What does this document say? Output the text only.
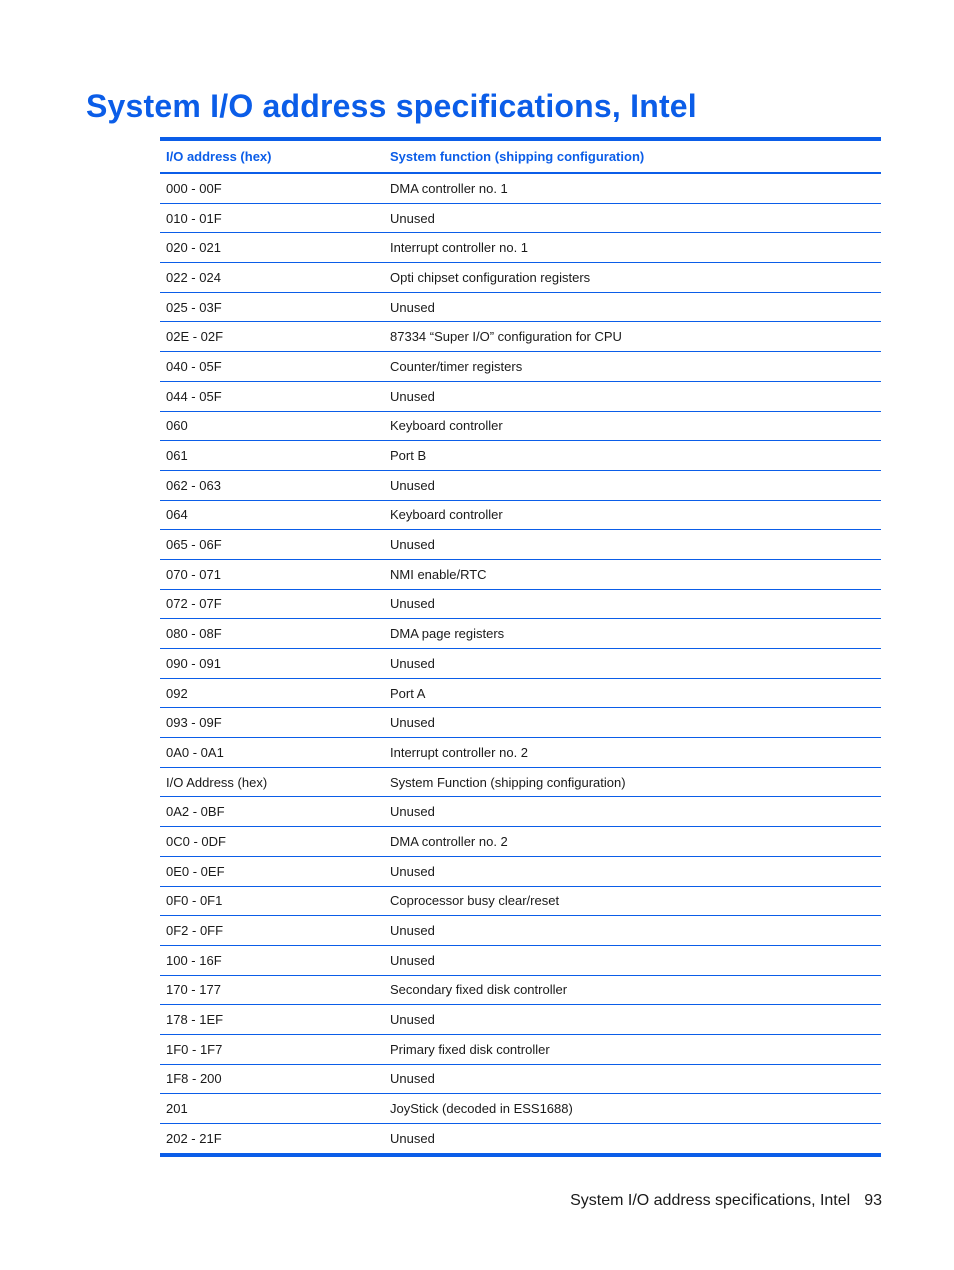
System I/O address specifications, Intel
I/O address (hex)	System function (shipping configuration)
000 - 00F	DMA controller no. 1
010 - 01F	Unused
020 - 021	Interrupt controller no. 1
022 - 024	Opti chipset configuration registers
025 - 03F	Unused
02E - 02F	87334 “Super I/O” configuration for CPU
040 - 05F	Counter/timer registers
044 - 05F	Unused
060	Keyboard controller
061	Port B
062 - 063	Unused
064	Keyboard controller
065 - 06F	Unused
070 - 071	NMI enable/RTC
072 - 07F	Unused
080 - 08F	DMA page registers
090 - 091	Unused
092	Port A
093 - 09F	Unused
0A0 - 0A1	Interrupt controller no. 2
I/O Address (hex)	System Function (shipping configuration)
0A2 - 0BF	Unused
0C0 - 0DF	DMA controller no. 2
0E0 - 0EF	Unused
0F0 - 0F1	Coprocessor busy clear/reset
0F2 - 0FF	Unused
100 - 16F	Unused
170 - 177	Secondary fixed disk controller
178 - 1EF	Unused
1F0 - 1F7	Primary fixed disk controller
1F8 - 200	Unused
201	JoyStick (decoded in ESS1688)
202 - 21F	Unused
System I/O address specifications, Intel 93
